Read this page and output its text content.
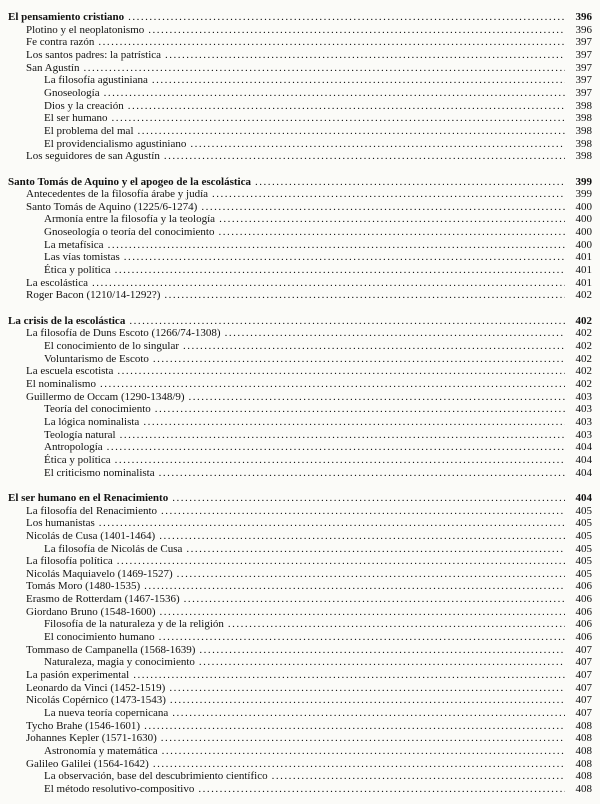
El pensamiento cristiano .....	396
Plotino y el neoplatonismo .....	396
Fe contra razón .....	397
Los santos padres: la patrística .....	397
San Agustín .....	397
La filosofía agustiniana .....	397
Gnoseología .....	397
Dios y la creación .....	398
El ser humano .....	398
El problema del mal .....	398
El providencialismo agustiniano .....	398
Los seguidores de san Agustín .....	398
Santo Tomás de Aquino y el apogeo de la escolástica .....	399
Antecedentes de la filosofía árabe y judía .....	399
Santo Tomás de Aquino (1225/6-1274) .....	400
Armonía entre la filosofía y la teología .....	400
Gnoseología o teoría del conocimiento .....	400
La metafísica .....	400
Las vías tomistas .....	401
Ética y política .....	401
La escolástica .....	401
Roger Bacon (1210/14-1292?) .....	402
La crisis de la escolástica .....	402
La filosofía de Duns Escoto (1266/74-1308) .....	402
El conocimiento de lo singular .....	402
Voluntarismo de Escoto .....	402
La escuela escotista .....	402
El nominalismo .....	402
Guillermo de Occam (1290-1348/9) .....	403
Teoría del conocimiento .....	403
La lógica nominalista .....	403
Teología natural .....	403
Antropología .....	404
Ética y política .....	404
El criticismo nominalista .....	404
El ser humano en el Renacimiento .....	404
La filosofía del Renacimiento .....	405
Los humanistas .....	405
Nicolás de Cusa (1401-1464) .....	405
La filosofía de Nicolás de Cusa .....	405
La filosofía política .....	405
Nicolás Maquiavelo (1469-1527) .....	405
Tomás Moro (1480-1535) .....	406
Erasmo de Rotterdam (1467-1536) .....	406
Giordano Bruno (1548-1600) .....	406
Filosofía de la naturaleza y de la religión .....	406
El conocimiento humano .....	406
Tommaso de Campanella (1568-1639) .....	407
Naturaleza, magia y conocimiento .....	407
La pasión experimental .....	407
Leonardo da Vinci (1452-1519) .....	407
Nicolás Copérnico (1473-1543) .....	407
La nueva teoría copernicana .....	407
Tycho Brahe (1546-1601) .....	408
Johannes Kepler (1571-1630) .....	408
Astronomía y matemática .....	408
Galileo Galilei (1564-1642) .....	408
La observación, base del descubrimiento científico .....	408
El método resolutivo-compositivo .....	408
